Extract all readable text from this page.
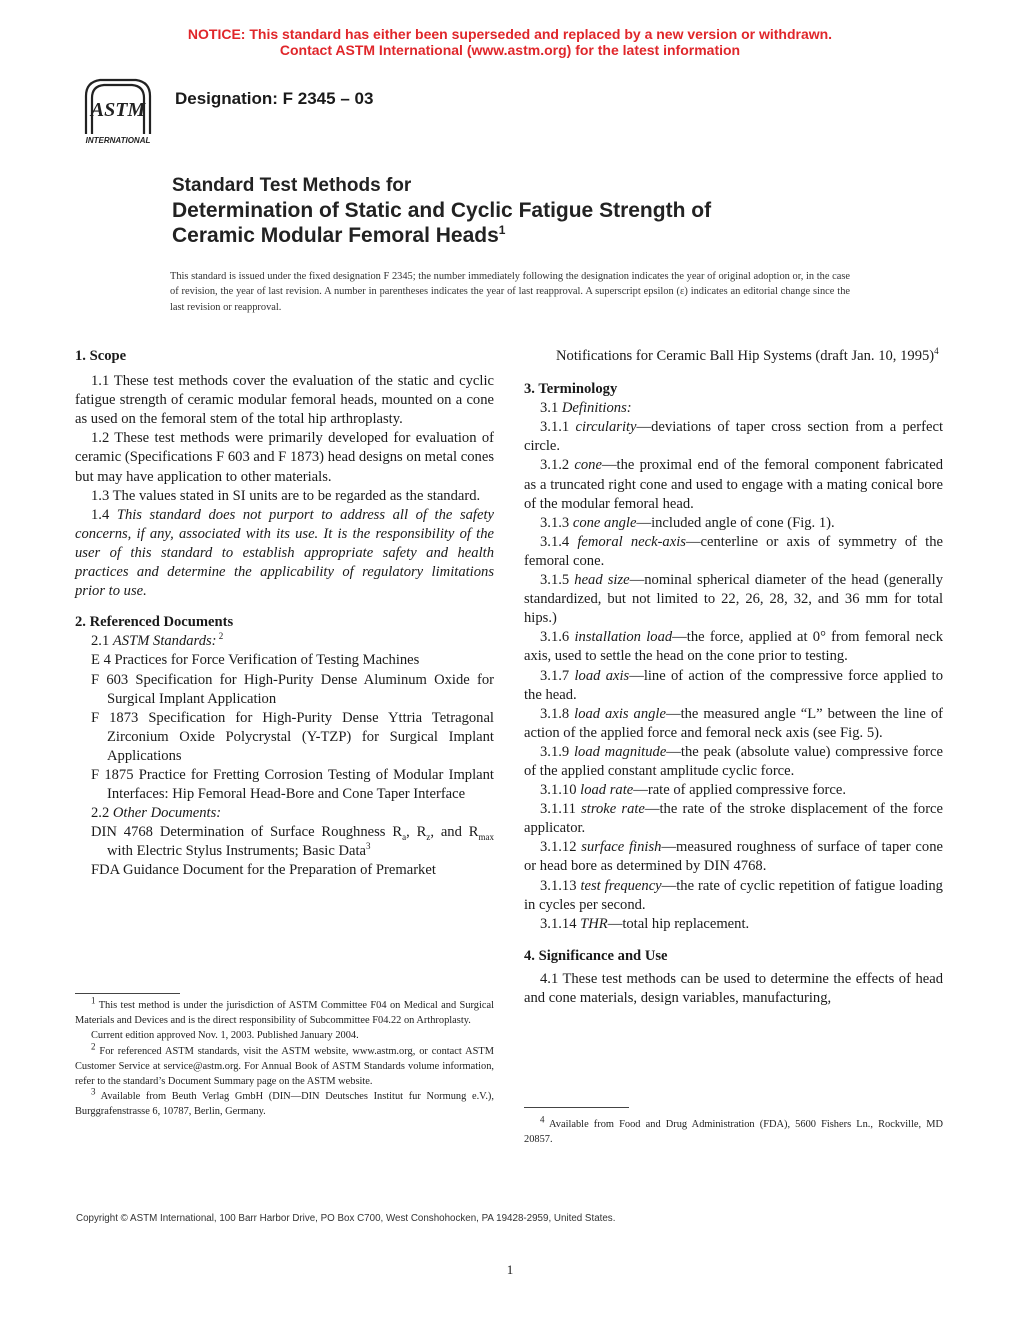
NOTICE: This standard has either been superseded and replaced by a new version or withdrawn.
Contact ASTM International (www.astm.org) for the latest information
ASTM
INTERNATIONAL
Designation: F 2345 – 03
Standard Test Methods for
Determination of Static and Cyclic Fatigue Strength of
Ceramic Modular Femoral Heads$^1$
This standard is issued under the fixed designation F 2345; the number immediately following the designation indicates the year of original adoption or, in the case of revision, the year of last revision. A number in parentheses indicates the year of last reapproval. A superscript epsilon (ε) indicates an editorial change since the last revision or reapproval.

1. Scope

1.1 These test methods cover the evaluation of the static and cyclic fatigue strength of ceramic modular femoral heads, mounted on a cone as used on the femoral stem of the total hip arthroplasty.

1.2 These test methods were primarily developed for evaluation of ceramic (Specifications F 603 and F 1873) head designs on metal cones but may have application to other materials.

1.3 The values stated in SI units are to be regarded as the standard.

1.4 This standard does not purport to address all of the safety concerns, if any, associated with its use. It is the responsibility of the user of this standard to establish appropriate safety and health practices and determine the applicability of regulatory limitations prior to use.

2. Referenced Documents

2.1 ASTM Standards: $^2$

E 4 Practices for Force Verification of Testing Machines

F 603 Specification for High-Purity Dense Aluminum Oxide for Surgical Implant Application

F 1873 Specification for High-Purity Dense Yttria Tetragonal Zirconium Oxide Polycrystal (Y-TZP) for Surgical Implant Applications

F 1875 Practice for Fretting Corrosion Testing of Modular Implant Interfaces: Hip Femoral Head-Bore and Cone Taper Interface

2.2 Other Documents:

DIN 4768 Determination of Surface Roughness $R_a$, $R_z$, and $R_{max}$ with Electric Stylus Instruments; Basic Data$^3$

FDA Guidance Document for the Preparation of Premarket

$^1$ This test method is under the jurisdiction of ASTM Committee F04 on Medical and Surgical Materials and Devices and is the direct responsibility of Subcommittee F04.22 on Arthroplasty.

Current edition approved Nov. 1, 2003. Published January 2004.

$^2$ For referenced ASTM standards, visit the ASTM website, www.astm.org, or contact ASTM Customer Service at service@astm.org. For Annual Book of ASTM Standards volume information, refer to the standard’s Document Summary page on the ASTM website.

$^3$ Available from Beuth Verlag GmbH (DIN—DIN Deutsches Institut fur Normung e.V.), Burggrafenstrasse 6, 10787, Berlin, Germany.

Notifications for Ceramic Ball Hip Systems (draft Jan. 10, 1995)$^4$

3. Terminology

3.1 Definitions:

3.1.1 circularity—deviations of taper cross section from a perfect circle.

3.1.2 cone—the proximal end of the femoral component fabricated as a truncated right cone and used to engage with a mating conical bore of the modular femoral head.

3.1.3 cone angle—included angle of cone (Fig. 1).

3.1.4 femoral neck-axis—centerline or axis of symmetry of the femoral cone.

3.1.5 head size—nominal spherical diameter of the head (generally standardized, but not limited to 22, 26, 28, 32, and 36 mm for total hips.)

3.1.6 installation load—the force, applied at 0° from femoral neck axis, used to settle the head on the cone prior to testing.

3.1.7 load axis—line of action of the compressive force applied to the head.

3.1.8 load axis angle—the measured angle “L” between the line of action of the applied force and femoral neck axis (see Fig. 5).

3.1.9 load magnitude—the peak (absolute value) compressive force of the applied constant amplitude cyclic force.

3.1.10 load rate—rate of applied compressive force.

3.1.11 stroke rate—the rate of the stroke displacement of the force applicator.

3.1.12 surface finish—measured roughness of surface of taper cone or head bore as determined by DIN 4768.

3.1.13 test frequency—the rate of cyclic repetition of fatigue loading in cycles per second.

3.1.14 THR—total hip replacement.

4. Significance and Use

4.1 These test methods can be used to determine the effects of head and cone materials, design variables, manufacturing,

$^4$ Available from Food and Drug Administration (FDA), 5600 Fishers Ln., Rockville, MD 20857.

Copyright © ASTM International, 100 Barr Harbor Drive, PO Box C700, West Conshohocken, PA 19428-2959, United States.
1
